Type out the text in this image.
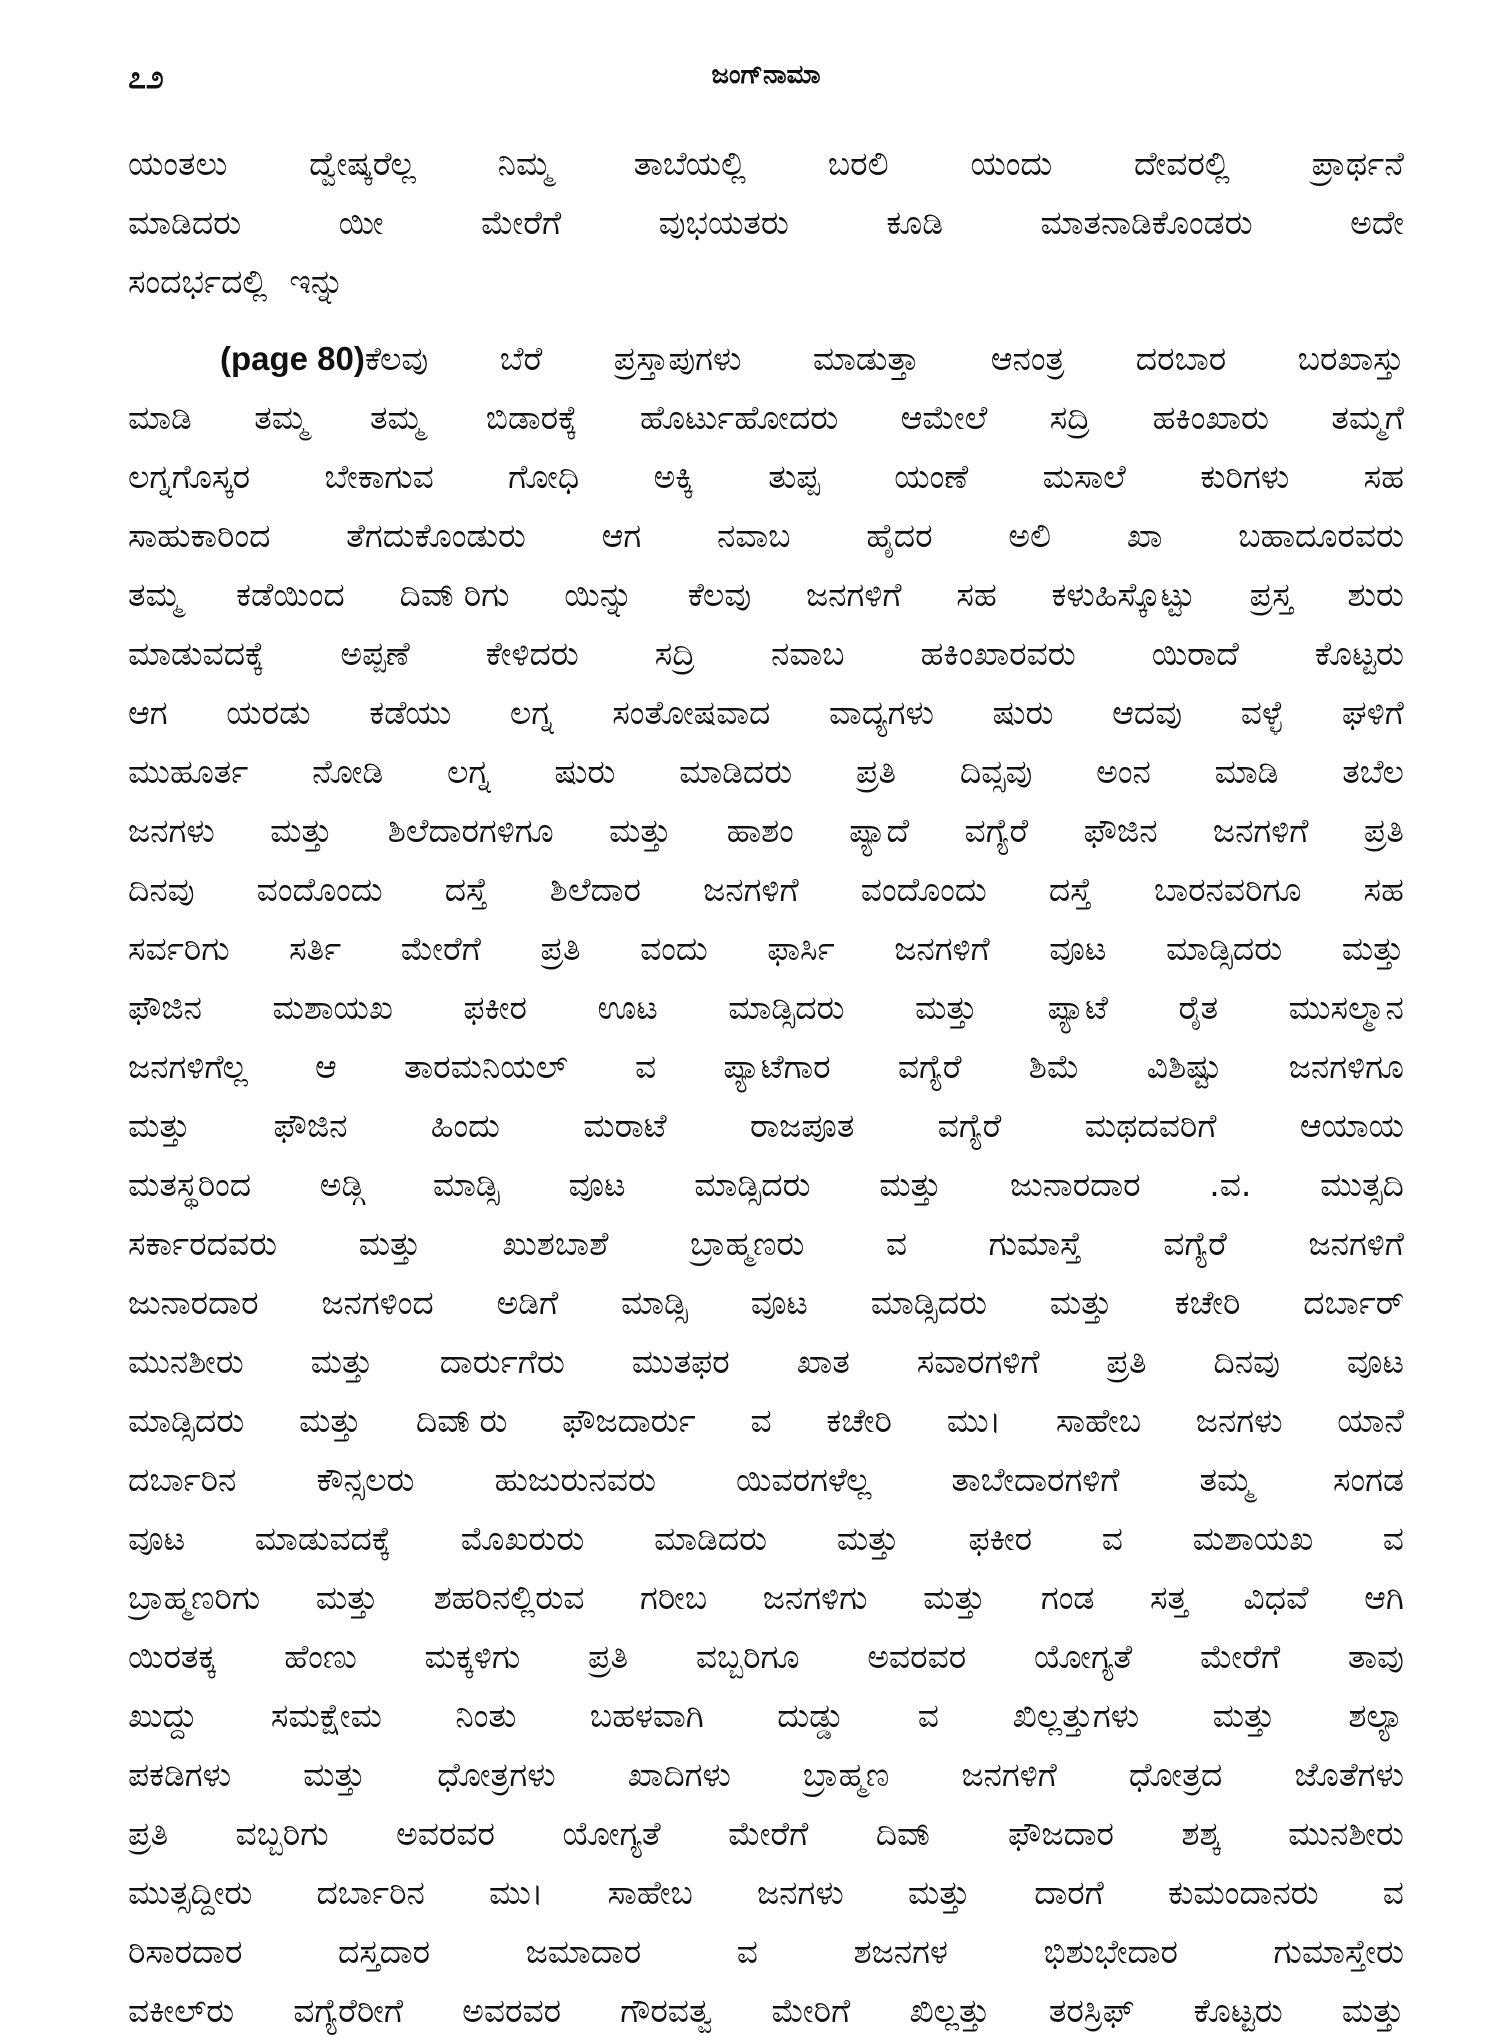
೭೨	ಜಂಗ್‌ನಾಮಾ
ಯಂತಲು ದ್ವೇಷ್ಕರೆಲ್ಲ ನಿಮ್ಮ ತಾಬೆಯಲ್ಲಿ ಬರಲಿ ಯಂದು ದೇವರಲ್ಲಿ ಪ್ರಾರ್ಥನೆ
ಮಾಡಿದರು	ಯೀ	ಮೇರೆಗೆ	ವುಭಯತರು	ಕೂಡಿ	ಮಾತನಾಡಿಕೊಂಡರು	ಅದೇ
ಸಂದರ್ಭದಲ್ಲಿ ಇನ್ನು
(page 80)ಕೆಲವು ಬೆರೆ ಪ್ರಸ್ತಾಪುಗಳು ಮಾಡುತ್ತಾ ಆನಂತ್ರ ದರಬಾರ ಬರಖಾಸ್ತು
ಮಾಡಿ ತಮ್ಮ ತಮ್ಮ ಬಿಡಾರಕ್ಕೆ ಹೊರ್ಟುಹೋದರು ಆಮೇಲೆ ಸದ್ರಿ ಹಕಿಂಖಾರು ತಮ್ಮಗೆ
ಲಗ್ನಗೊಸ್ಕರ ಬೇಕಾಗುವ ಗೋಧಿ ಅಕ್ಕಿ ತುಪ್ಪ ಯಂಣೆ ಮಸಾಲೆ ಕುರಿಗಳು ಸಹ
ಸಾಹುಕಾರಿಂದ ತೆಗದುಕೊಂಡುರು ಆಗ ನವಾಬ ಹೈದರ ಅಲಿ ಖಾ ಬಹಾದೂರವರು
ತಮ್ಮ ಕಡೆಯಿಂದ ದಿವಾ್ರಿಗು ಯಿನ್ನು ಕೆಲವು ಜನಗಳಿಗೆ ಸಹ ಕಳುಹಿಸ್ಕೊಟ್ಟು ಪ್ರಸ್ತ ಶುರು
ಮಾಡುವದಕ್ಕೆ ಅಪ್ಪಣೆ ಕೇಳಿದರು ಸದ್ರಿ ನವಾಬ ಹಕಿಂಖಾರವರು ಯಿರಾದೆ ಕೊಟ್ಟರು
ಆಗ ಯರಡು ಕಡೆಯು ಲಗ್ನ ಸಂತೋಷವಾದ ವಾದ್ಯಗಳು ಷುರು ಆದವು ವಳ್ಳೆ ಘಳಿಗೆ
ಮುಹೂರ್ತ ನೋಡಿ ಲಗ್ನ ಷುರು ಮಾಡಿದರು ಪ್ರತಿ ದಿವ್ಸವು ಅಂನ ಮಾಡಿ ತಬೆಲ
ಜನಗಳು ಮತ್ತು ಶಿಲೆದಾರಗಳಿಗೂ ಮತ್ತು ಹಾಶಂ ಪ್ಯಾದೆ ವಗ್ಯೆರೆ ಫೌಜಿನ ಜನಗಳಿಗೆ ಪ್ರತಿ
ದಿನವು ವಂದೊಂದು ದಸ್ತೆ ಶಿಲೆದಾರ ಜನಗಳಿಗೆ ವಂದೊಂದು ದಸ್ತೆ ಬಾರನವರಿಗೂ ಸಹ
ಸರ್ವರಿಗು ಸರ್ತಿ ಮೇರೆಗೆ ಪ್ರತಿ ವಂದು ಫಾರ್ಸಿ ಜನಗಳಿಗೆ ವೂಟ ಮಾಡ್ಸಿದರು ಮತ್ತು
ಫೌಜಿನ ಮಶಾಯಖ ಫಕೀರ ಊಟ ಮಾಡ್ಸಿದರು ಮತ್ತು ಪ್ಯಾಟೆ ರೈತ ಮುಸಲ್ಮಾನ
ಜನಗಳಿಗೆಲ್ಲ ಆ ತಾರಮನಿಯಲ್ ವ ಪ್ಯಾಟೆಗಾರ ವಗ್ಯೆರೆ ಶಿಮೆ ವಿಶಿಷ್ಟು ಜನಗಳಿಗೂ
ಮತ್ತು	ಫೌಜಿನ	ಹಿಂದು	ಮರಾಟೆ	ರಾಜಪೂತ	ವಗ್ಯೆರೆ	ಮಥದವರಿಗೆ	ಆಯಾಯ
ಮತಸ್ಥರಿಂದ ಅಡ್ಗಿ ಮಾಡ್ಸಿ ವೂಟ ಮಾಡ್ಸಿದರು ಮತ್ತು ಜುನಾರದಾರ .ವ. ಮುತ್ಸದಿ
ಸರ್ಕಾರದವರು ಮತ್ತು ಖುಶಬಾಶೆ ಬ್ರಾಹ್ಮಣರು ವ ಗುಮಾಸ್ತೆ ವಗ್ಯೆರೆ ಜನಗಳಿಗೆ
ಜುನಾರದಾರ ಜನಗಳಿಂದ ಅಡಿಗೆ ಮಾಡ್ಸಿ ವೂಟ ಮಾಡ್ಸಿದರು ಮತ್ತು ಕಚೇರಿ ದರ್ಬಾರ್
ಮುನಶೀರು ಮತ್ತು ದಾರ್ರುಗೆರು ಮುತಫರ ಖಾತ ಸವಾರಗಳಿಗೆ ಪ್ರತಿ ದಿನವು ವೂಟ
ಮಾಡ್ಸಿದರು ಮತ್ತು ದಿವಾ್ರು ಫೌಜದಾರ್ರು ವ ಕಚೇರಿ ಮು। ಸಾಹೇಬ ಜನಗಳು ಯಾನೆ
ದರ್ಬಾರಿನ ಕೌನ್ಸಲರು ಹುಜುರುನವರು ಯಿವರಗಳೆಲ್ಲ ತಾಬೇದಾರಗಳಿಗೆ ತಮ್ಮ ಸಂಗಡ
ವೂಟ ಮಾಡುವದಕ್ಕೆ ಮೊಖರುರು ಮಾಡಿದರು ಮತ್ತು ಫಕೀರ ವ ಮಶಾಯಖ ವ
ಬ್ರಾಹ್ಮಣರಿಗು ಮತ್ತು ಶಹರಿನಲ್ಲಿರುವ ಗರೀಬ ಜನಗಳಿಗು ಮತ್ತು ಗಂಡ ಸತ್ತ ವಿಧವೆ ಆಗಿ
ಯಿರತಕ್ಕ ಹೆಂಣು ಮಕ್ಕಳಿಗು ಪ್ರತಿ ವಬ್ಬರಿಗೂ ಅವರವರ ಯೋಗ್ಯತೆ ಮೇರೆಗೆ ತಾವು
ಖುದ್ದು ಸಮಕ್ಷೇಮ ನಿಂತು ಬಹಳವಾಗಿ ದುಡ್ಡು ವ ಖಿಲ್ಲತ್ತುಗಳು ಮತ್ತು ಶಲ್ಯಾ
ಪಕಡಿಗಳು ಮತ್ತು ಧೋತ್ರಗಳು ಖಾದಿಗಳು ಬ್ರಾಹ್ಮಣ ಜನಗಳಿಗೆ ಧೋತ್ರದ ಜೊತೆಗಳು
ಪ್ರತಿ ವಬ್ಬರಿಗು ಅವರವರ ಯೋಗ್ಯತೆ ಮೇರೆಗೆ ದಿವಾ್ ಫೌಜದಾರ ಶಶ್ಕ ಮುನಶೀರು
ಮುತ್ಸದ್ದೀರು ದರ್ಬಾರಿನ ಮು। ಸಾಹೇಬ ಜನಗಳು ಮತ್ತು ದಾರಗೆ ಕುಮಂದಾನರು ವ
ರಿಸಾರದಾರ	ದಸ್ತದಾರ	ಜಮಾದಾರ	ವ	ಶಜನಗಳ	ಭಿಶುಭೇದಾರ	ಗುಮಾಸ್ತೇರು
ವಕೀಲ್‌ರು ವಗ್ಯೆರೆರೀಗೆ ಅವರವರ ಗೌರವತ್ವ ಮೇರಿಗೆ ಖಿಲ್ಲತ್ತು ತರಸ್ರಿಫ್ ಕೊಟ್ಟರು ಮತ್ತು
